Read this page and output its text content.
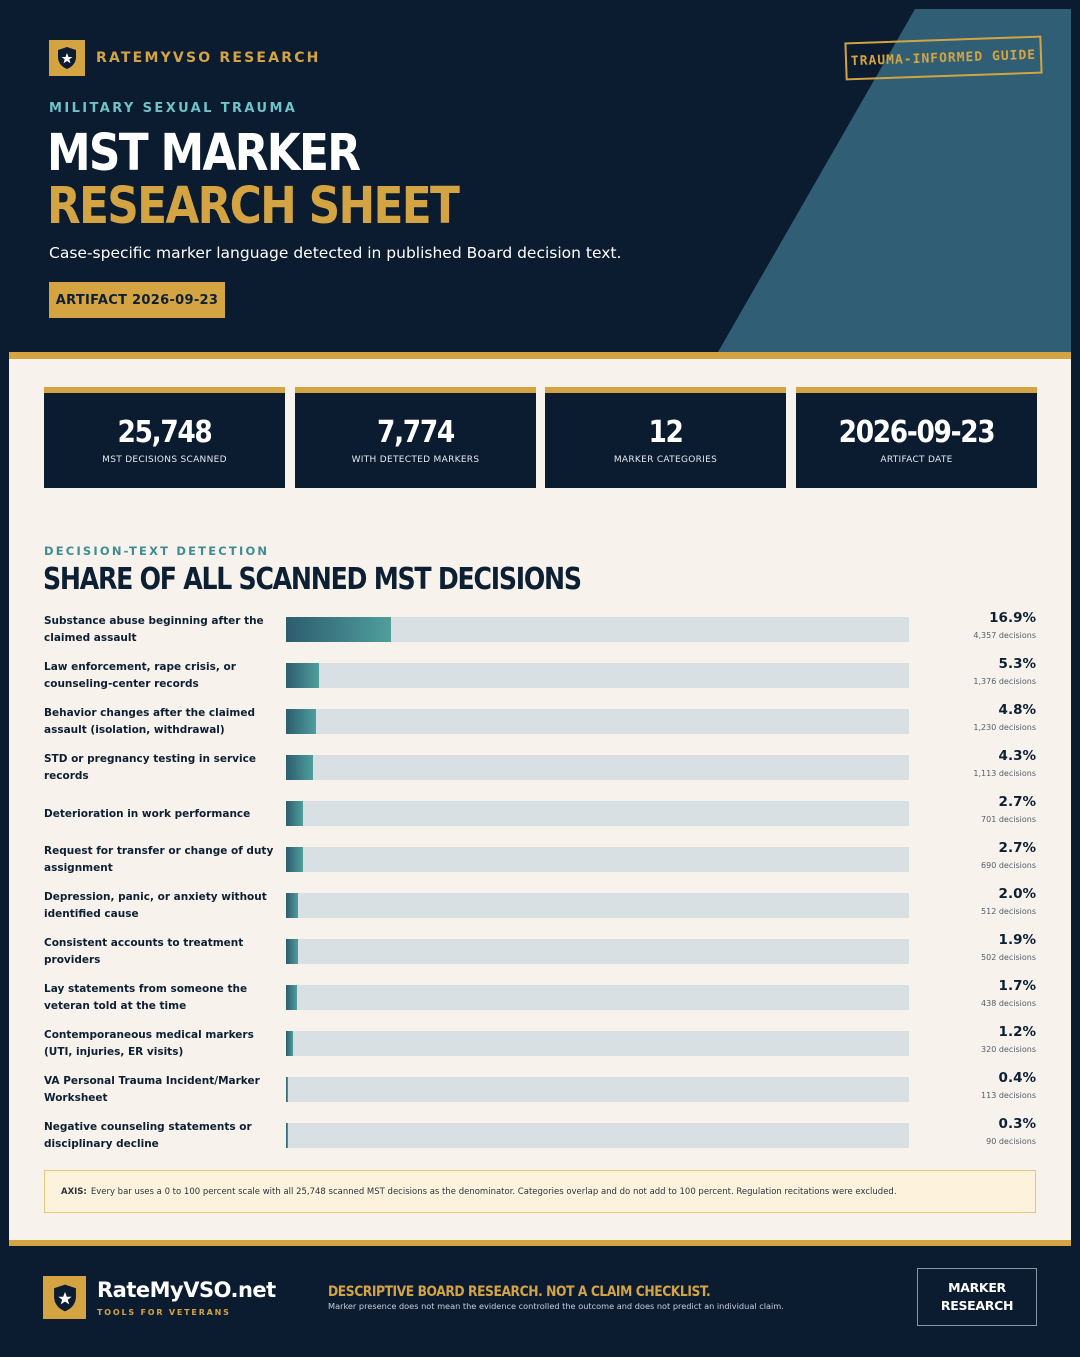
RATEMYVSO RESEARCH	TRAUMA-INFORMED GUIDE
MILITARY SEXUAL TRAUMA
MST MARKER
RESEARCH SHEET
Case-specific marker language detected in published Board decision text.
ARTIFACT 2026-09-23
25,748
MST DECISIONS SCANNED
7,774
WITH DETECTED MARKERS
12
MARKER CATEGORIES
2026-09-23
ARTIFACT DATE
DECISION-TEXT DETECTION
SHARE OF ALL SCANNED MST DECISIONS
Substance abuse beginning after the claimed assault
16.9%
4,357 decisions
Law enforcement, rape crisis, or counseling-center records
5.3%
1,376 decisions
Behavior changes after the claimed assault (isolation, withdrawal)
4.8%
1,230 decisions
STD or pregnancy testing in service records
4.3%
1,113 decisions
Deterioration in work performance
2.7%
701 decisions
Request for transfer or change of duty assignment
2.7%
690 decisions
Depression, panic, or anxiety without identified cause
2.0%
512 decisions
Consistent accounts to treatment providers
1.9%
502 decisions
Lay statements from someone the veteran told at the time
1.7%
438 decisions
Contemporaneous medical markers (UTI, injuries, ER visits)
1.2%
320 decisions
VA Personal Trauma Incident/Marker Worksheet
0.4%
113 decisions
Negative counseling statements or disciplinary decline
0.3%
90 decisions
AXIS: Every bar uses a 0 to 100 percent scale with all 25,748 scanned MST decisions as the denominator. Categories overlap and do not add to 100 percent. Regulation recitations were excluded.
RateMyVSO.net
TOOLS FOR VETERANS
DESCRIPTIVE BOARD RESEARCH. NOT A CLAIM CHECKLIST.
Marker presence does not mean the evidence controlled the outcome and does not predict an individual claim.
MARKER
RESEARCH
